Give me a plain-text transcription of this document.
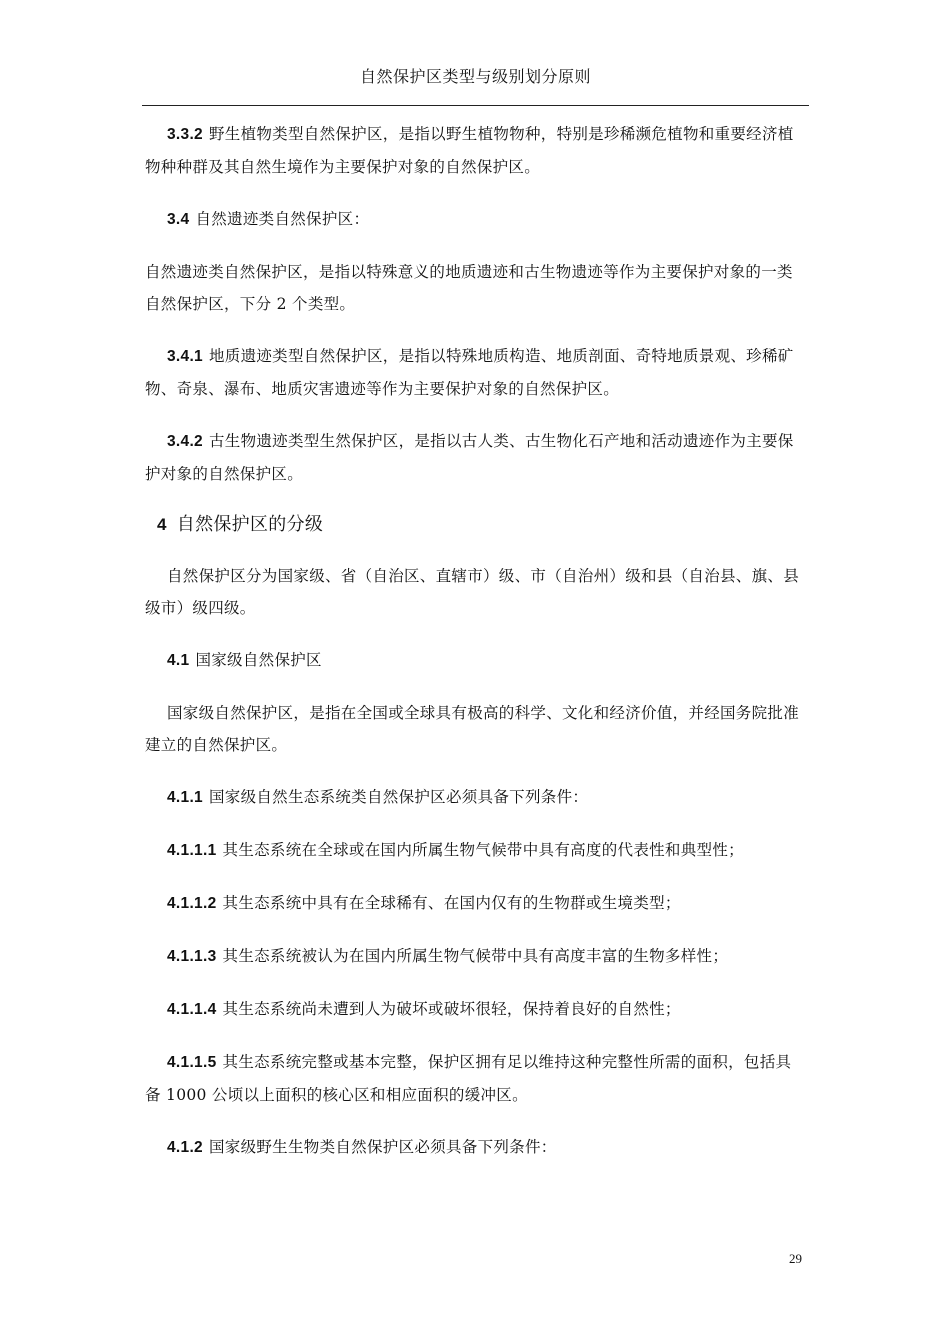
自然保护区类型与级别划分原则

3.3.2 野生植物类型自然保护区，是指以野生植物物种，特别是珍稀濒危植物和重要经济植物种种群及其自然生境作为主要保护对象的自然保护区。

3.4 自然遗迹类自然保护区：

自然遗迹类自然保护区，是指以特殊意义的地质遗迹和古生物遗迹等作为主要保护对象的一类自然保护区，下分 2 个类型。

3.4.1 地质遗迹类型自然保护区，是指以特殊地质构造、地质剖面、奇特地质景观、珍稀矿物、奇泉、瀑布、地质灾害遗迹等作为主要保护对象的自然保护区。

3.4.2 古生物遗迹类型生然保护区，是指以古人类、古生物化石产地和活动遗迹作为主要保护对象的自然保护区。

4 自然保护区的分级

自然保护区分为国家级、省（自治区、直辖市）级、市（自治州）级和县（自治县、旗、县级市）级四级。

4.1 国家级自然保护区

国家级自然保护区，是指在全国或全球具有极高的科学、文化和经济价值，并经国务院批准建立的自然保护区。

4.1.1 国家级自然生态系统类自然保护区必须具备下列条件：

4.1.1.1 其生态系统在全球或在国内所属生物气候带中具有高度的代表性和典型性；

4.1.1.2 其生态系统中具有在全球稀有、在国内仅有的生物群或生境类型；

4.1.1.3 其生态系统被认为在国内所属生物气候带中具有高度丰富的生物多样性；

4.1.1.4 其生态系统尚未遭到人为破坏或破坏很轻，保持着良好的自然性；

4.1.1.5 其生态系统完整或基本完整，保护区拥有足以维持这种完整性所需的面积，包括具备 1000 公顷以上面积的核心区和相应面积的缓冲区。

4.1.2 国家级野生生物类自然保护区必须具备下列条件：

29
